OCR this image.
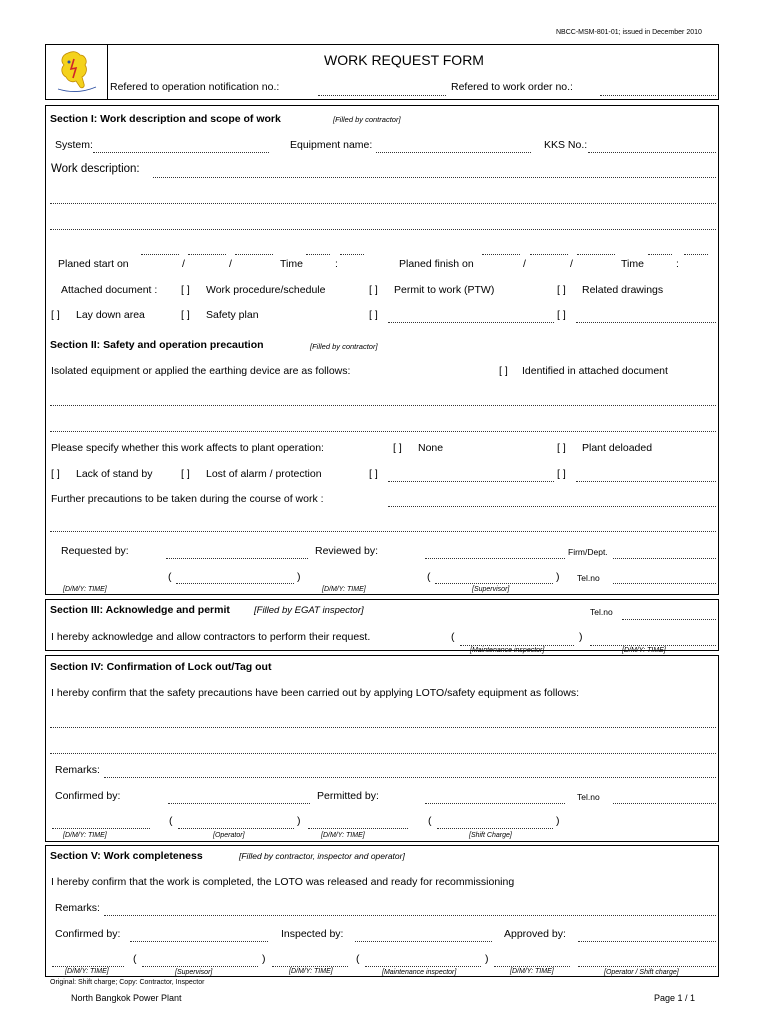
NBCC-MSM-801-01; issued in December 2010
WORK REQUEST FORM
Refered to operation notification no.:	Refered to work order no.:
Section I: Work description and scope of work	[Filled by contractor]
System:	Equipment name:	KKS No.:
Work description:
Planed start on	/	/	Time	:	Planed finish on	/	/	Time	:
Attached document : [ ] Work procedure/schedule	[ ] Permit to work (PTW)	[ ] Related drawings
[ ] Lay down area	[ ] Safety plan	[ ]	[ ]
Section II: Safety and operation precaution	[Filled by contractor]
Isolated equipment or applied the earthing device are as follows:	[ ] Identified in attached document
Please specify whether this work affects to plant operation:	[ ] None	[ ] Plant deloaded
[ ] Lack of stand by	[ ] Lost of alarm / protection	[ ]	[ ]
Further precautions to be taken during the course of work :
Requested by:	Reviewed by:	Firm/Dept.
(	)	(	) Tel.no
[D/M/Y: TIME]	[D/M/Y: TIME]	[Supervisor]
Section III: Acknowledge and permit	[Filled by EGAT inspector]	Tel.no
I hereby acknowledge and allow contractors to perform their request.	(	)
[Maintenance inspector]	[D/M/Y: TIME]
Section IV: Confirmation of Lock out/Tag out
I hereby confirm that the safety precautions have been carried out by applying LOTO/safety equipment as follows:
Remarks:
Confirmed by:	Permitted by:	Tel.no
(	)	(	)
[D/M/Y: TIME]	[Operator]	[D/M/Y: TIME]	[Shift Charge]
Section V: Work completeness	[Filled by contractor, inspector and operator]
I hereby confirm that the work is completed, the LOTO was released and ready for recommissioning
Remarks:
Confirmed by:	Inspected by:	Approved by:
(	)	(	)
[D/M/Y: TIME]	[Supervisor]	[D/M/Y: TIME]	[Maintenance inspector]	[D/M/Y: TIME]	[Operator / Shift charge]
Original: Shift charge; Copy: Contractor, Inspector
North Bangkok Power Plant	Page 1 / 1
